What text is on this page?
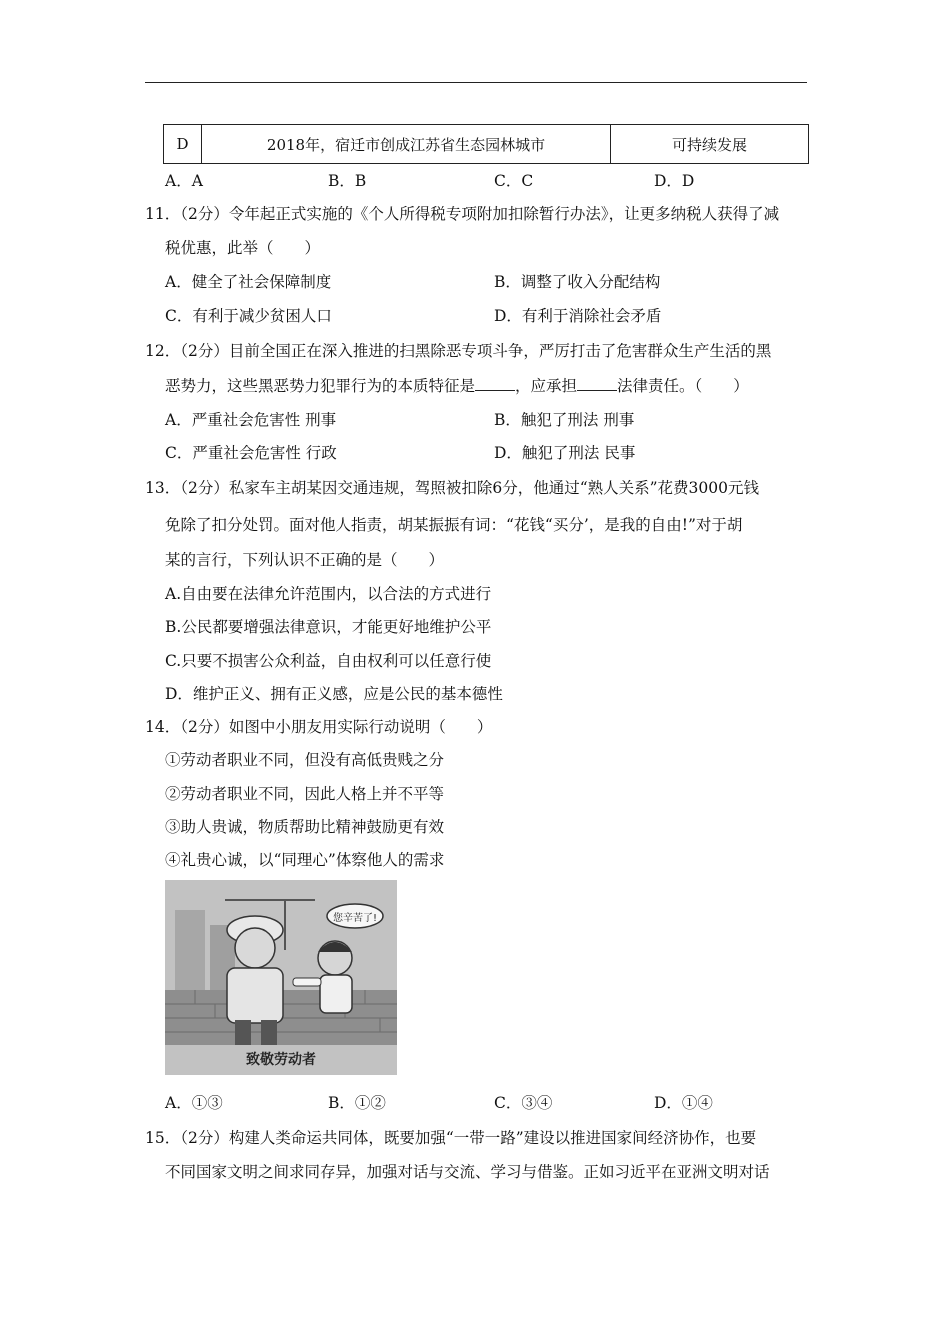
D	2018年，宿迁市创成江苏省生态园林城市	可持续发展
A．A	B．B	C．C	D．D
11．（2分）令年起正式实施的《个人所得税专项附加扣除暂行办法》，让更多纳税人获得了减
税优惠，此举（　　）
A．健全了社会保障制度	B．调整了收入分配结构
C．有利于减少贫困人口	D．有利于消除社会矛盾
12．（2分）目前全国正在深入推进的扫黑除恶专项斗争，严厉打击了危害群众生产生活的黑
恶势力，这些黑恶势力犯罪行为的本质特征是	，应承担	法律责任。（　　）
A．严重社会危害性 刑事	B．触犯了刑法 刑事
C．严重社会危害性 行政	D．触犯了刑法 民事
13．（2分）私家车主胡某因交通违规，驾照被扣除6分，他通过“熟人关系”花费3000元钱
免除了扣分处罚。面对他人指责，胡某振振有词：“花钱“买分’，是我的自由!”对于胡
某的言行，下列认识不正确的是（　　）
A.自由要在法律允许范围内，以合法的方式进行
B.公民都要增强法律意识，才能更好地维护公平
C.只要不损害公众利益，自由权利可以任意行使
D．维护正义、拥有正义感，应是公民的基本德性
14．（2分）如图中小朋友用实际行动说明（　　）
①劳动者职业不同，但没有高低贵贱之分
②劳动者职业不同，因此人格上并不平等
③助人贵诚，物质帮助比精神鼓励更有效
④礼贵心诚，以“同理心”体察他人的需求
您辛苦了!
致敬劳动者
A．①③	B．①②	C．③④	D．①④
15．（2分）构建人类命运共同体，既要加强“一带一路”建设以推进国家间经济协作，也要
不同国家文明之间求同存异，加强对话与交流、学习与借鉴。正如习近平在亚洲文明对话
